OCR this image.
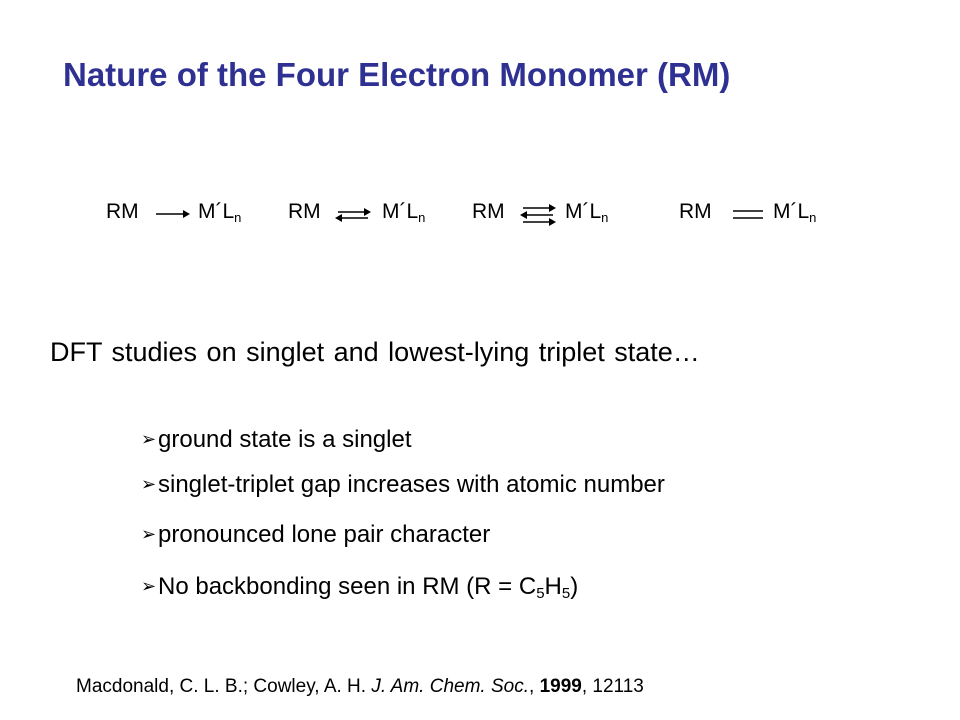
Nature of the Four Electron Monomer (RM)
RM	$M´L_n$ RM	$M´L_n$ RM	$M´L_n$	RM	$M´L_n$
DFT studies on singlet and lowest-lying triplet state…
➢ground state is a singlet
➢singlet-triplet gap increases with atomic number
➢pronounced lone pair character
➢No backbonding seen in RM $(R = C_5H_5)$
Macdonald, C. L. B.; Cowley, A. H. J. Am. Chem. Soc., 1999, 12113
